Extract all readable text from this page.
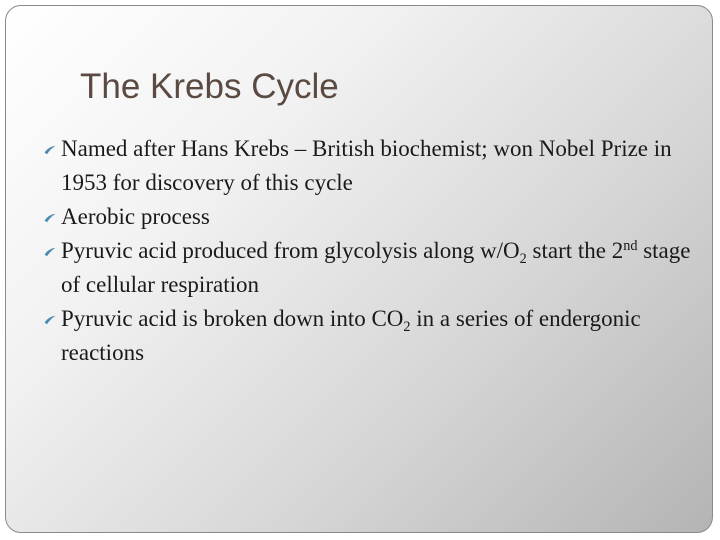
The Krebs Cycle
Named after Hans Krebs – British biochemist; won Nobel Prize in 1953 for discovery of this cycle
Aerobic process
Pyruvic acid produced from glycolysis along $w/O_2$ start the 2nd stage of cellular respiration
Pyruvic acid is broken down into $CO_2$ in a series of endergonic reactions
